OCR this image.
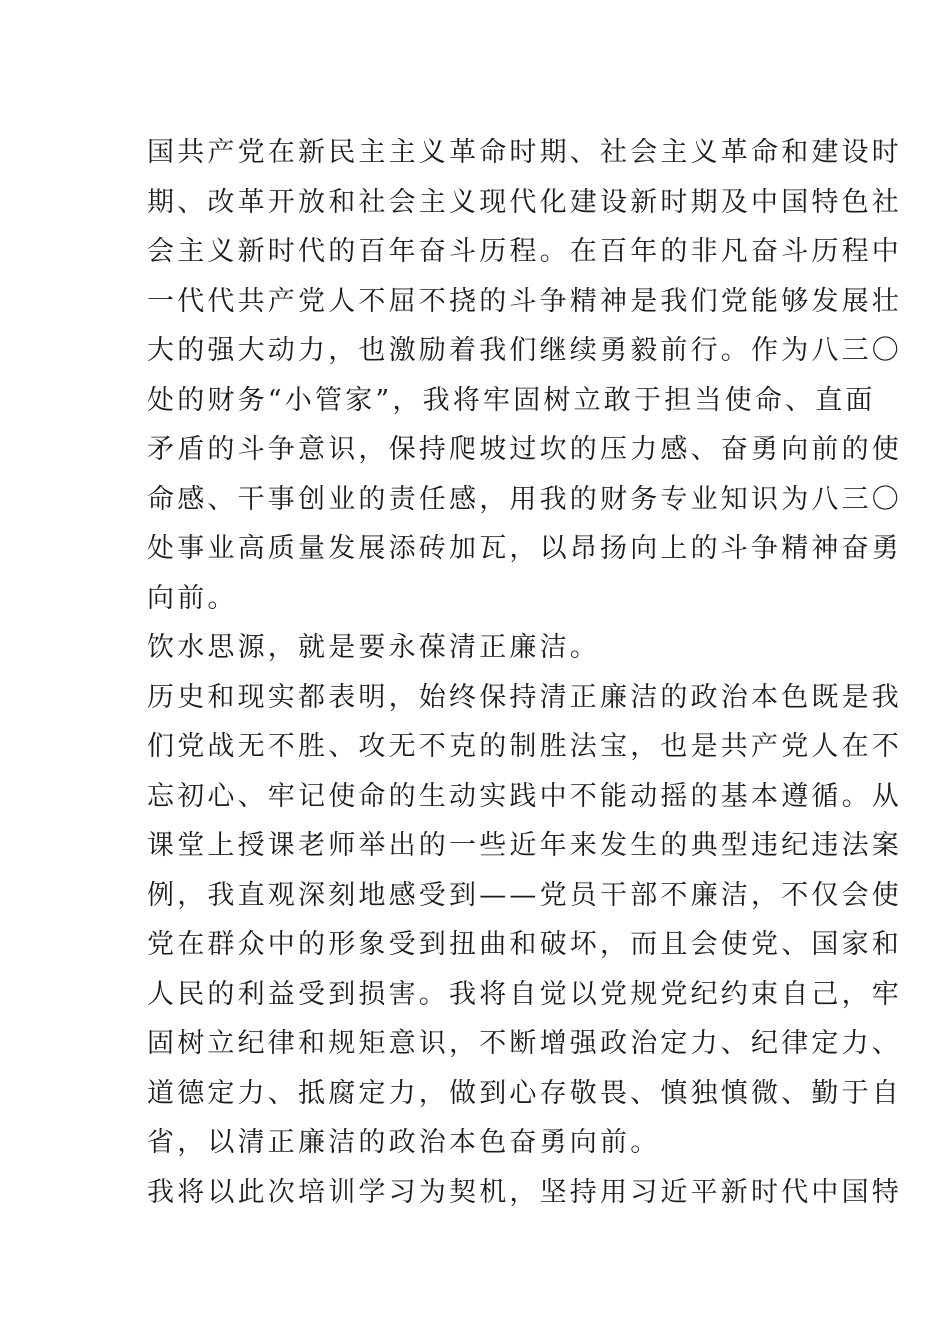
国共产党在新民主主义革命时期、社会主义革命和建设时
期、改革开放和社会主义现代化建设新时期及中国特色社
会主义新时代的百年奋斗历程。在百年的非凡奋斗历程中
一代代共产党人不屈不挠的斗争精神是我们党能够发展壮
大的强大动力，也激励着我们继续勇毅前行。作为八三〇
处的财务“小管家”，我将牢固树立敢于担当使命、直面
矛盾的斗争意识，保持爬坡过坎的压力感、奋勇向前的使
命感、干事创业的责任感，用我的财务专业知识为八三〇
处事业高质量发展添砖加瓦，以昂扬向上的斗争精神奋勇
向前。
饮水思源，就是要永葆清正廉洁。
历史和现实都表明，始终保持清正廉洁的政治本色既是我
们党战无不胜、攻无不克的制胜法宝，也是共产党人在不
忘初心、牢记使命的生动实践中不能动摇的基本遵循。从
课堂上授课老师举出的一些近年来发生的典型违纪违法案
例，我直观深刻地感受到——党员干部不廉洁，不仅会使
党在群众中的形象受到扭曲和破坏，而且会使党、国家和
人民的利益受到损害。我将自觉以党规党纪约束自己，牢
固树立纪律和规矩意识，不断增强政治定力、纪律定力、
道德定力、抵腐定力，做到心存敬畏、慎独慎微、勤于自
省，以清正廉洁的政治本色奋勇向前。
我将以此次培训学习为契机，坚持用习近平新时代中国特
